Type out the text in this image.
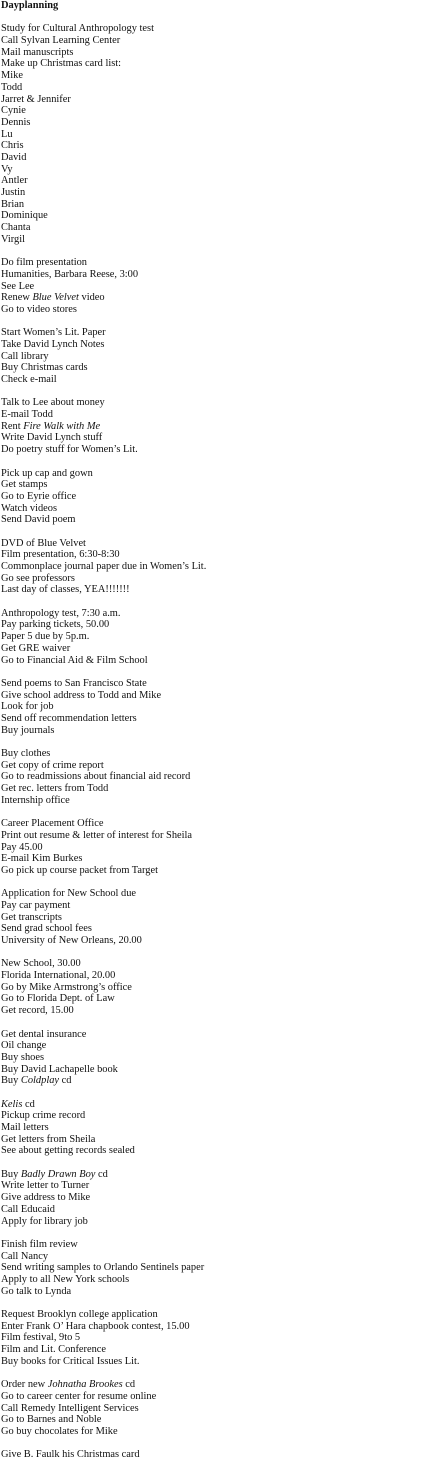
Dayplanning
Study for Cultural Anthropology test
Call Sylvan Learning Center
Mail manuscripts
Make up Christmas card list:
Mike
Todd
Jarret & Jennifer
Cynie
Dennis
Lu
Chris
David
Vy
Antler
Justin
Brian
Dominique
Chanta
Virgil
Do film presentation
Humanities, Barbara Reese, 3:00
See Lee
Renew Blue Velvet video
Go to video stores
Start Women’s Lit. Paper
Take David Lynch Notes
Call library
Buy Christmas cards
Check e-mail
Talk to Lee about money
E-mail Todd
Rent Fire Walk with Me
Write David Lynch stuff
Do poetry stuff for Women’s Lit.
Pick up cap and gown
Get stamps
Go to Eyrie office
Watch videos
Send David poem
DVD of Blue Velvet
Film presentation, 6:30-8:30
Commonplace journal paper due in Women’s Lit.
Go see professors
Last day of classes, YEA!!!!!!!
Anthropology test, 7:30 a.m.
Pay parking tickets, 50.00
Paper 5 due by 5p.m.
Get GRE waiver
Go to Financial Aid & Film School
Send poems to San Francisco State
Give school address to Todd and Mike
Look for job
Send off recommendation letters
Buy journals
Buy clothes
Get copy of crime report
Go to readmissions about financial aid record
Get rec. letters from Todd
Internship office
Career Placement Office
Print out resume & letter of interest for Sheila
Pay 45.00
E-mail Kim Burkes
Go pick up course packet from Target
Application for New School due
Pay car payment
Get transcripts
Send grad school fees
University of New Orleans, 20.00
New School, 30.00
Florida International, 20.00
Go by Mike Armstrong’s office
Go to Florida Dept. of Law
Get record, 15.00
Get dental insurance
Oil change
Buy shoes
Buy David Lachapelle book
Buy Coldplay cd
Kelis cd
Pickup crime record
Mail letters
Get letters from Sheila
See about getting records sealed
Buy Badly Drawn Boy cd
Write letter to Turner
Give address to Mike
Call Educaid
Apply for library job
Finish film review
Call Nancy
Send writing samples to Orlando Sentinels paper
Apply to all New York schools
Go talk to Lynda
Request Brooklyn college application
Enter Frank O’ Hara chapbook contest, 15.00
Film festival, 9to 5
Film and Lit. Conference
Buy books for Critical Issues Lit.
Order new Johnatha Brookes cd
Go to career center for resume online
Call Remedy Intelligent Services
Go to Barnes and Noble
Go buy chocolates for Mike
Give B. Faulk his Christmas card
